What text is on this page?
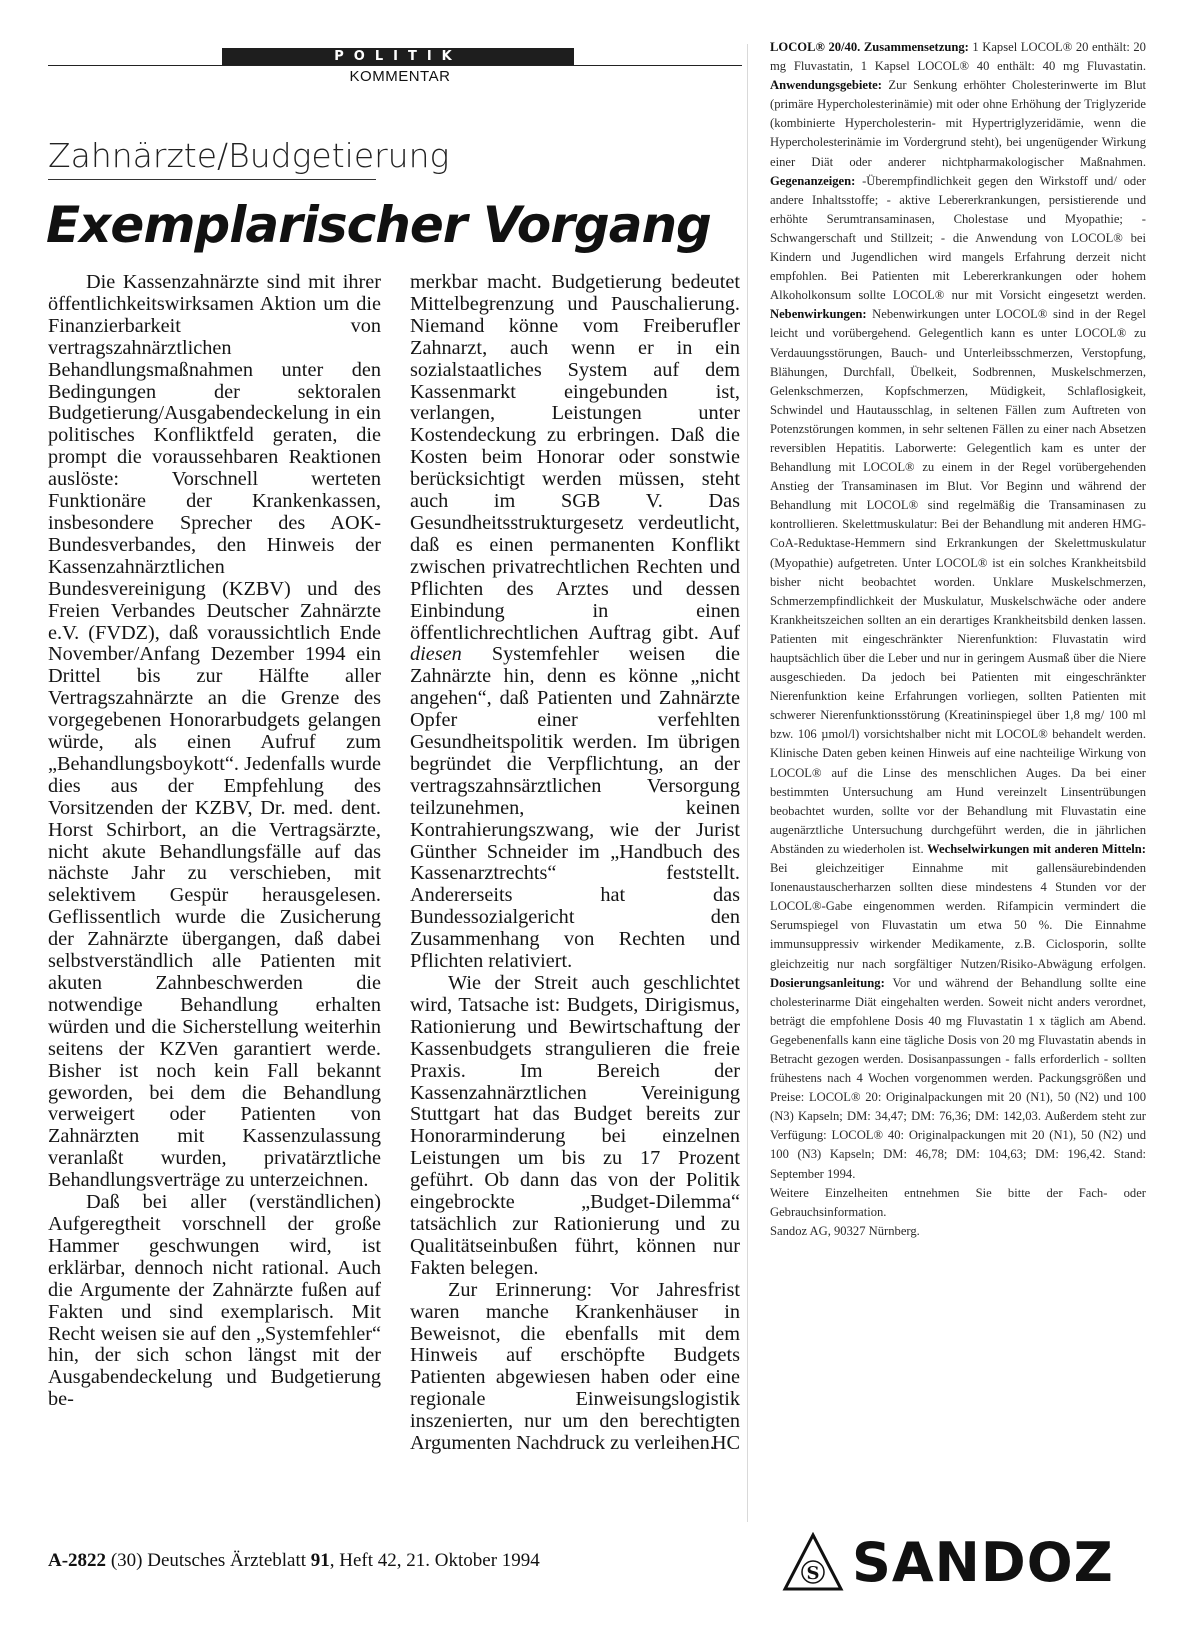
POLITIK
KOMMENTAR
Zahnärzte/Budgetierung
Exemplarischer Vorgang

Die Kassenzahnärzte sind mit ihrer öffentlichkeitswirksamen Aktion um die Finanzierbarkeit von vertragszahnärztlichen Behandlungsmaßnahmen unter den Bedingungen der sektoralen Budgetierung/Ausgabendeckelung in ein politisches Konfliktfeld geraten, die prompt die voraussehbaren Reaktionen auslöste: Vorschnell werteten Funktionäre der Krankenkassen, insbesondere Sprecher des AOK-Bundesverbandes, den Hinweis der Kassenzahnärztlichen Bundesvereinigung (KZBV) und des Freien Verbandes Deutscher Zahnärzte e.V. (FVDZ), daß voraussichtlich Ende November/Anfang Dezember 1994 ein Drittel bis zur Hälfte aller Vertragszahnärzte an die Grenze des vorgegebenen Honorarbudgets gelangen würde, als einen Aufruf zum „Behandlungsboykott“. Jedenfalls wurde dies aus der Empfehlung des Vorsitzenden der KZBV, Dr. med. dent. Horst Schirbort, an die Vertragsärzte, nicht akute Behandlungsfälle auf das nächste Jahr zu verschieben, mit selektivem Gespür herausgelesen. Geflissentlich wurde die Zusicherung der Zahnärzte übergangen, daß dabei selbstverständlich alle Patienten mit akuten Zahnbeschwerden die notwendige Behandlung erhalten würden und die Sicherstellung weiterhin seitens der KZVen garantiert werde. Bisher ist noch kein Fall bekannt geworden, bei dem die Behandlung verweigert oder Patienten von Zahnärzten mit Kassenzulassung veranlaßt wurden, privatärztliche Behandlungsverträge zu unterzeichnen.

Daß bei aller (verständlichen) Aufgeregtheit vorschnell der große Hammer geschwungen wird, ist erklärbar, dennoch nicht rational. Auch die Argumente der Zahnärzte fußen auf Fakten und sind exemplarisch. Mit Recht weisen sie auf den „Systemfehler“ hin, der sich schon längst mit der Ausgabendeckelung und Budgetierung be-

merkbar macht. Budgetierung bedeutet Mittelbegrenzung und Pauschalierung. Niemand könne vom Freiberufler Zahnarzt, auch wenn er in ein sozialstaatliches System auf dem Kassenmarkt eingebunden ist, verlangen, Leistungen unter Kostendeckung zu erbringen. Daß die Kosten beim Honorar oder sonstwie berücksichtigt werden müssen, steht auch im SGB V. Das Gesundheitsstrukturgesetz verdeutlicht, daß es einen permanenten Konflikt zwischen privatrechtlichen Rechten und Pflichten des Arztes und dessen Einbindung in einen öffentlichrechtlichen Auftrag gibt. Auf diesen Systemfehler weisen die Zahnärzte hin, denn es könne „nicht angehen“, daß Patienten und Zahnärzte Opfer einer verfehlten Gesundheitspolitik werden. Im übrigen begründet die Verpflichtung, an der vertragszahnsärztlichen Versorgung teilzunehmen, keinen Kontrahierungszwang, wie der Jurist Günther Schneider im „Handbuch des Kassenarztrechts“ feststellt. Andererseits hat das Bundessozialgericht den Zusammenhang von Rechten und Pflichten relativiert.

Wie der Streit auch geschlichtet wird, Tatsache ist: Budgets, Dirigismus, Rationierung und Bewirtschaftung der Kassenbudgets strangulieren die freie Praxis. Im Bereich der Kassenzahnärztlichen Vereinigung Stuttgart hat das Budget bereits zur Honorarminderung bei einzelnen Leistungen um bis zu 17 Prozent geführt. Ob dann das von der Politik eingebrockte „Budget-Dilemma“ tatsächlich zur Rationierung und zu Qualitätseinbußen führt, können nur Fakten belegen.

Zur Erinnerung: Vor Jahresfrist waren manche Krankenhäuser in Beweisnot, die ebenfalls mit dem Hinweis auf erschöpfte Budgets Patienten abgewiesen haben oder eine regionale Einweisungslogistik inszenierten, nur um den berechtigten Argumenten Nachdruck zu verleihen.

HC

LOCOL® 20/40. Zusammensetzung: 1 Kapsel LOCOL® 20 enthält: 20 mg Fluvastatin, 1 Kapsel LOCOL® 40 enthält: 40 mg Fluvastatin. Anwendungsgebiete: Zur Senkung erhöhter Cholesterinwerte im Blut (primäre Hypercholesterinämie) mit oder ohne Erhöhung der Triglyzeride (kombinierte Hypercholesterin- mit Hypertriglyzeridämie, wenn die Hypercholesterinämie im Vordergrund steht), bei ungenügender Wirkung einer Diät oder anderer nichtpharmakologischer Maßnahmen. Gegenanzeigen: -Überempfindlichkeit gegen den Wirkstoff und/ oder andere Inhaltsstoffe; - aktive Lebererkrankungen, persistierende und erhöhte Serumtransaminasen, Cholestase und Myopathie; -Schwangerschaft und Stillzeit; - die Anwendung von LOCOL® bei Kindern und Jugendlichen wird mangels Erfahrung derzeit nicht empfohlen. Bei Patienten mit Lebererkrankungen oder hohem Alkoholkonsum sollte LOCOL® nur mit Vorsicht eingesetzt werden. Nebenwirkungen: Nebenwirkungen unter LOCOL® sind in der Regel leicht und vorübergehend. Gelegentlich kann es unter LOCOL® zu Verdauungsstörungen, Bauch- und Unterleibsschmerzen, Verstopfung, Blähungen, Durchfall, Übelkeit, Sodbrennen, Muskelschmerzen, Gelenkschmerzen, Kopfschmerzen, Müdigkeit, Schlaflosigkeit, Schwindel und Hautausschlag, in seltenen Fällen zum Auftreten von Potenzstörungen kommen, in sehr seltenen Fällen zu einer nach Absetzen reversiblen Hepatitis. Laborwerte: Gelegentlich kam es unter der Behandlung mit LOCOL® zu einem in der Regel vorübergehenden Anstieg der Transaminasen im Blut. Vor Beginn und während der Behandlung mit LOCOL® sind regelmäßig die Transaminasen zu kontrollieren. Skelettmuskulatur: Bei der Behandlung mit anderen HMG-CoA-Reduktase-Hemmern sind Erkrankungen der Skelettmuskulatur (Myopathie) aufgetreten. Unter LOCOL® ist ein solches Krankheitsbild bisher nicht beobachtet worden. Unklare Muskelschmerzen, Schmerzempfindlichkeit der Muskulatur, Muskelschwäche oder andere Krankheitszeichen sollten an ein derartiges Krankheitsbild denken lassen. Patienten mit eingeschränkter Nierenfunktion: Fluvastatin wird hauptsächlich über die Leber und nur in geringem Ausmaß über die Niere ausgeschieden. Da jedoch bei Patienten mit eingeschränkter Nierenfunktion keine Erfahrungen vorliegen, sollten Patienten mit schwerer Nierenfunktionsstörung (Kreatininspiegel über 1,8 mg/ 100 ml bzw. 106 µmol/l) vorsichtshalber nicht mit LOCOL® behandelt werden. Klinische Daten geben keinen Hinweis auf eine nachteilige Wirkung von LOCOL® auf die Linse des menschlichen Auges. Da bei einer bestimmten Untersuchung am Hund vereinzelt Linsentrübungen beobachtet wurden, sollte vor der Behandlung mit Fluvastatin eine augenärztliche Untersuchung durchgeführt werden, die in jährlichen Abständen zu wiederholen ist. Wechselwirkungen mit anderen Mitteln: Bei gleichzeitiger Einnahme mit gallensäurebindenden Ionenaustauscherharzen sollten diese mindestens 4 Stunden vor der LOCOL®-Gabe eingenommen werden. Rifampicin vermindert die Serumspiegel von Fluvastatin um etwa 50 %. Die Einnahme immunsuppressiv wirkender Medikamente, z.B. Ciclosporin, sollte gleichzeitig nur nach sorgfältiger Nutzen/Risiko-Abwägung erfolgen. Dosierungsanleitung: Vor und während der Behandlung sollte eine cholesterinarme Diät eingehalten werden. Soweit nicht anders verordnet, beträgt die empfohlene Dosis 40 mg Fluvastatin 1 x täglich am Abend. Gegebenenfalls kann eine tägliche Dosis von 20 mg Fluvastatin abends in Betracht gezogen werden. Dosisanpassungen - falls erforderlich - sollten frühestens nach 4 Wochen vorgenommen werden. Packungsgrößen und Preise: LOCOL® 20: Originalpackungen mit 20 (N1), 50 (N2) und 100 (N3) Kapseln; DM: 34,47; DM: 76,36; DM: 142,03. Außerdem steht zur Verfügung: LOCOL® 40: Originalpackungen mit 20 (N1), 50 (N2) und 100 (N3) Kapseln; DM: 46,78; DM: 104,63; DM: 196,42. Stand: September 1994.

Weitere Einzelheiten entnehmen Sie bitte der Fach- oder Gebrauchsinformation.

Sandoz AG, 90327 Nürnberg.

S SANDOZ
A-2822 (30) Deutsches Ärzteblatt 91, Heft 42, 21. Oktober 1994
